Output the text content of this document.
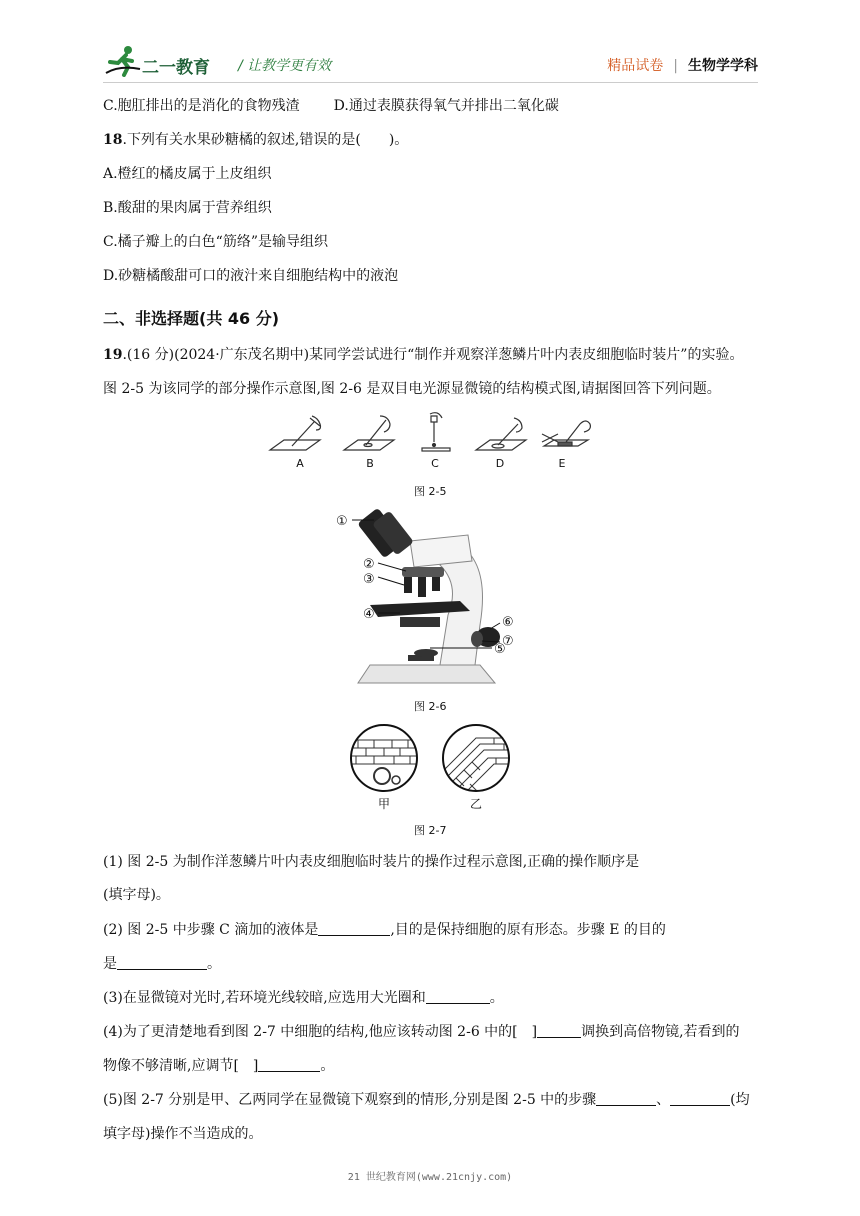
二一教育 / 让教学更有效	精品试卷 | 生物学学科
C.胞肛排出的是消化的食物残渣 D.通过表膜获得氧气并排出二氧化碳
18.下列有关水果砂糖橘的叙述,错误的是(　　)。
A.橙红的橘皮属于上皮组织
B.酸甜的果肉属于营养组织
C.橘子瓣上的白色“筋络”是输导组织
D.砂糖橘酸甜可口的液汁来自细胞结构中的液泡
二、非选择题(共 46 分)
19.(16 分)(2024·广东茂名期中)某同学尝试进行“制作并观察洋葱鳞片叶内表皮细胞临时装片”的实验。
图 2-5 为该同学的部分操作示意图,图 2-6 是双目电光源显微镜的结构模式图,请据图回答下列问题。
A	B	C	D	E
图 2-5
①
②
③
④
⑤
⑥
⑦
图 2-6
甲	乙
图 2-7
(1) 图 2-5 为制作洋葱鳞片叶内表皮细胞临时装片的操作过程示意图,正确的操作顺序是
(填字母)。
(2) 图 2-5 中步骤 C 滴加的液体是	,目的是保持细胞的原有形态。步骤 E 的目的
是	。
(3)在显微镜对光时,若环境光线较暗,应选用大光圈和	。
(4)为了更清楚地看到图 2-7 中细胞的结构,他应该转动图 2-6 中的[　]	调换到高倍物镜,若看到的
物像不够清晰,应调节[　]	。
(5)图 2-7 分别是甲、乙两同学在显微镜下观察到的情形,分别是图 2-5 中的步骤	、	(均
填字母)操作不当造成的。
21 世纪教育网(www.21cnjy.com)
